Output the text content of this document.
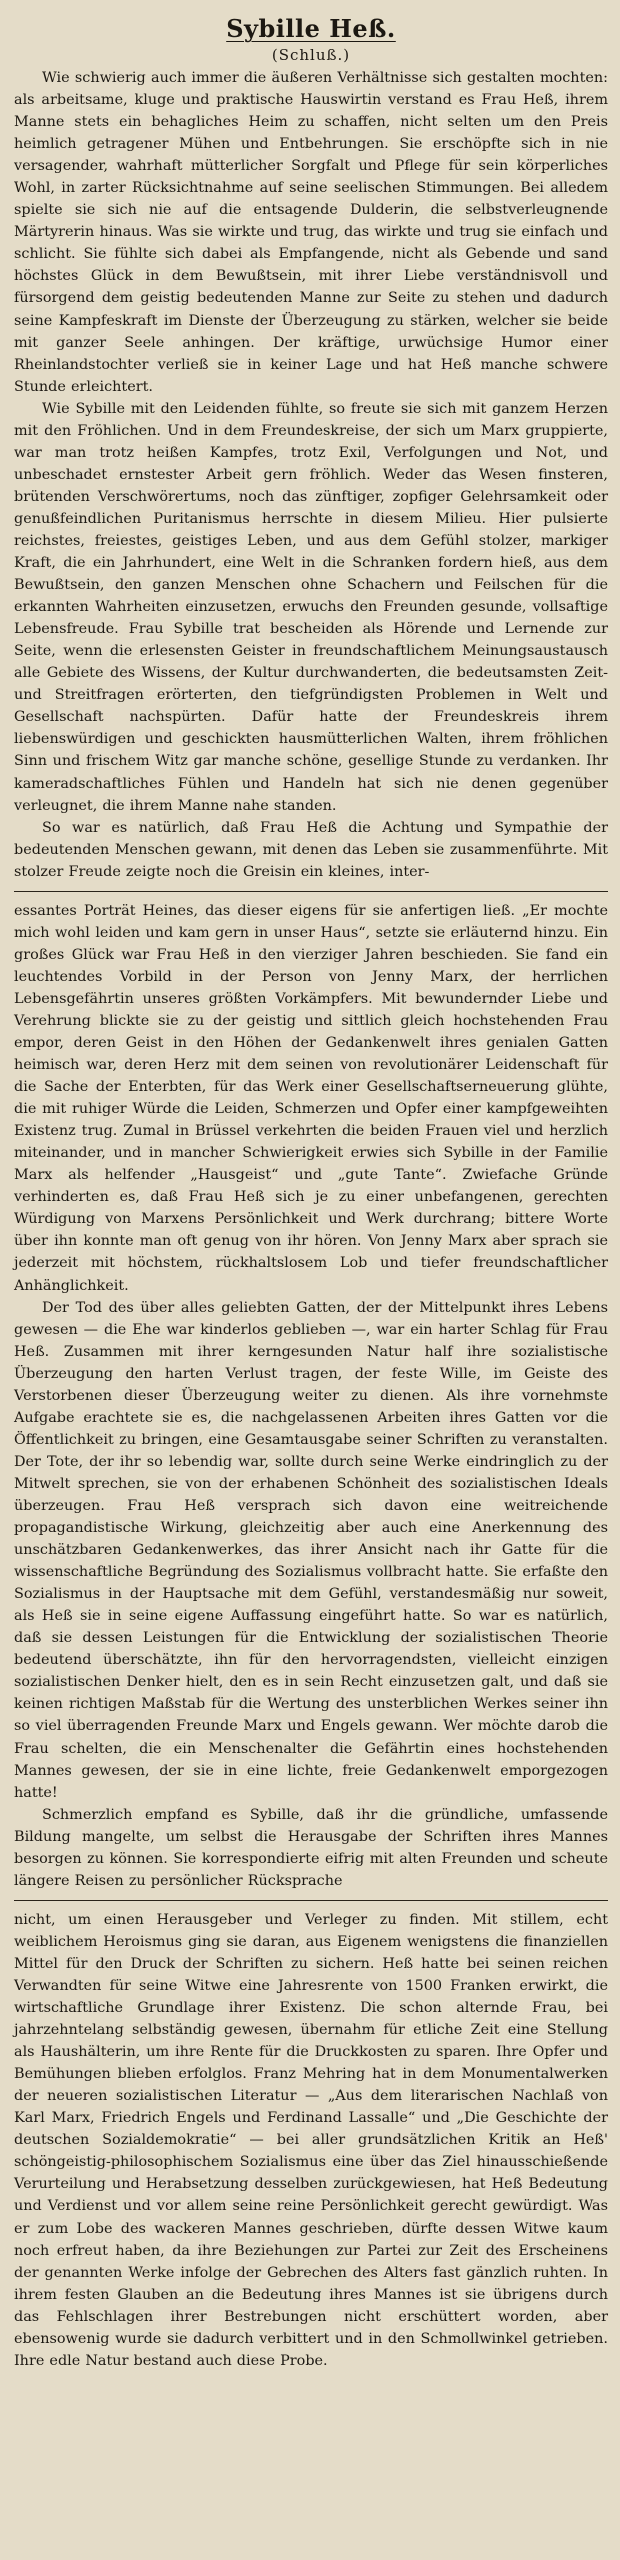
Sybille Heß.
(Schluß.)

Wie schwierig auch immer die äußeren Verhältnisse sich gestalten mochten: als arbeitsame, kluge und praktische Hauswirtin verstand es Frau Heß, ihrem Manne stets ein behagliches Heim zu schaffen, nicht selten um den Preis heimlich getragener Mühen und Entbehrungen. Sie erschöpfte sich in nie versagender, wahrhaft mütterlicher Sorgfalt und Pflege für sein körperliches Wohl, in zarter Rücksichtnahme auf seine seelischen Stimmungen. Bei alledem spielte sie sich nie auf die entsagende Dulderin, die selbstverleugnende Märtyrerin hinaus. Was sie wirkte und trug, das wirkte und trug sie einfach und schlicht. Sie fühlte sich dabei als Empfangende, nicht als Gebende und sand höchstes Glück in dem Bewußtsein, mit ihrer Liebe verständnisvoll und fürsorgend dem geistig bedeutenden Manne zur Seite zu stehen und dadurch seine Kampfeskraft im Dienste der Überzeugung zu stärken, welcher sie beide mit ganzer Seele anhingen. Der kräftige, urwüchsige Humor einer Rheinlandstochter verließ sie in keiner Lage und hat Heß manche schwere Stunde erleichtert.

Wie Sybille mit den Leidenden fühlte, so freute sie sich mit ganzem Herzen mit den Fröhlichen. Und in dem Freundeskreise, der sich um Marx gruppierte, war man trotz heißen Kampfes, trotz Exil, Verfolgungen und Not, und unbeschadet ernstester Arbeit gern fröhlich. Weder das Wesen finsteren, brütenden Verschwörertums, noch das zünftiger, zopfiger Gelehrsamkeit oder genußfeindlichen Puritanismus herrschte in diesem Milieu. Hier pulsierte reichstes, freiestes, geistiges Leben, und aus dem Gefühl stolzer, markiger Kraft, die ein Jahrhundert, eine Welt in die Schranken fordern hieß, aus dem Bewußtsein, den ganzen Menschen ohne Schachern und Feilschen für die erkannten Wahrheiten einzusetzen, erwuchs den Freunden gesunde, vollsaftige Lebensfreude. Frau Sybille trat bescheiden als Hörende und Lernende zur Seite, wenn die erlesensten Geister in freundschaftlichem Meinungsaustausch alle Gebiete des Wissens, der Kultur durchwanderten, die bedeutsamsten Zeit- und Streitfragen erörterten, den tiefgründigsten Problemen in Welt und Gesellschaft nachspürten. Dafür hatte der Freundeskreis ihrem liebenswürdigen und geschickten hausmütterlichen Walten, ihrem fröhlichen Sinn und frischem Witz gar manche schöne, gesellige Stunde zu verdanken. Ihr kameradschaftliches Fühlen und Handeln hat sich nie denen gegenüber verleugnet, die ihrem Manne nahe standen.

So war es natürlich, daß Frau Heß die Achtung und Sympathie der bedeutenden Menschen gewann, mit denen das Leben sie zusammenführte. Mit stolzer Freude zeigte noch die Greisin ein kleines, inter-

essantes Porträt Heines, das dieser eigens für sie anfertigen ließ. „Er mochte mich wohl leiden und kam gern in unser Haus“, setzte sie erläuternd hinzu. Ein großes Glück war Frau Heß in den vierziger Jahren beschieden. Sie fand ein leuchtendes Vorbild in der Person von Jenny Marx, der herrlichen Lebensgefährtin unseres größten Vorkämpfers. Mit bewundernder Liebe und Verehrung blickte sie zu der geistig und sittlich gleich hochstehenden Frau empor, deren Geist in den Höhen der Gedankenwelt ihres genialen Gatten heimisch war, deren Herz mit dem seinen von revolutionärer Leidenschaft für die Sache der Enterbten, für das Werk einer Gesellschaftserneuerung glühte, die mit ruhiger Würde die Leiden, Schmerzen und Opfer einer kampfgeweihten Existenz trug. Zumal in Brüssel verkehrten die beiden Frauen viel und herzlich miteinander, und in mancher Schwierigkeit erwies sich Sybille in der Familie Marx als helfender „Hausgeist“ und „gute Tante“. Zwiefache Gründe verhinderten es, daß Frau Heß sich je zu einer unbefangenen, gerechten Würdigung von Marxens Persönlichkeit und Werk durchrang; bittere Worte über ihn konnte man oft genug von ihr hören. Von Jenny Marx aber sprach sie jederzeit mit höchstem, rückhaltslosem Lob und tiefer freundschaftlicher Anhänglichkeit.

Der Tod des über alles geliebten Gatten, der der Mittelpunkt ihres Lebens gewesen — die Ehe war kinderlos geblieben —, war ein harter Schlag für Frau Heß. Zusammen mit ihrer kerngesunden Natur half ihre sozialistische Überzeugung den harten Verlust tragen, der feste Wille, im Geiste des Verstorbenen dieser Überzeugung weiter zu dienen. Als ihre vornehmste Aufgabe erachtete sie es, die nachgelassenen Arbeiten ihres Gatten vor die Öffentlichkeit zu bringen, eine Gesamtausgabe seiner Schriften zu veranstalten. Der Tote, der ihr so lebendig war, sollte durch seine Werke eindringlich zu der Mitwelt sprechen, sie von der erhabenen Schönheit des sozialistischen Ideals überzeugen. Frau Heß versprach sich davon eine weitreichende propagandistische Wirkung, gleichzeitig aber auch eine Anerkennung des unschätzbaren Gedankenwerkes, das ihrer Ansicht nach ihr Gatte für die wissenschaftliche Begründung des Sozialismus vollbracht hatte. Sie erfaßte den Sozialismus in der Hauptsache mit dem Gefühl, verstandesmäßig nur soweit, als Heß sie in seine eigene Auffassung eingeführt hatte. So war es natürlich, daß sie dessen Leistungen für die Entwicklung der sozialistischen Theorie bedeutend überschätzte, ihn für den hervorragendsten, vielleicht einzigen sozialistischen Denker hielt, den es in sein Recht einzusetzen galt, und daß sie keinen richtigen Maßstab für die Wertung des unsterblichen Werkes seiner ihn so viel überragenden Freunde Marx und Engels gewann. Wer möchte darob die Frau schelten, die ein Menschenalter die Gefährtin eines hochstehenden Mannes gewesen, der sie in eine lichte, freie Gedankenwelt emporgezogen hatte!

Schmerzlich empfand es Sybille, daß ihr die gründliche, umfassende Bildung mangelte, um selbst die Herausgabe der Schriften ihres Mannes besorgen zu können. Sie korrespondierte eifrig mit alten Freunden und scheute längere Reisen zu persönlicher Rücksprache

nicht, um einen Herausgeber und Verleger zu finden. Mit stillem, echt weiblichem Heroismus ging sie daran, aus Eigenem wenigstens die finanziellen Mittel für den Druck der Schriften zu sichern. Heß hatte bei seinen reichen Verwandten für seine Witwe eine Jahresrente von 1500 Franken erwirkt, die wirtschaftliche Grundlage ihrer Existenz. Die schon alternde Frau, bei jahrzehntelang selbständig gewesen, übernahm für etliche Zeit eine Stellung als Haushälterin, um ihre Rente für die Druckkosten zu sparen. Ihre Opfer und Bemühungen blieben erfolglos. Franz Mehring hat in dem Monumentalwerken der neueren sozialistischen Literatur — „Aus dem literarischen Nachlaß von Karl Marx, Friedrich Engels und Ferdinand Lassalle“ und „Die Geschichte der deutschen Sozialdemokratie“ — bei aller grundsätzlichen Kritik an Heß' schöngeistig-philosophischem Sozialismus eine über das Ziel hinausschießende Verurteilung und Herabsetzung desselben zurückgewiesen, hat Heß Bedeutung und Verdienst und vor allem seine reine Persönlichkeit gerecht gewürdigt. Was er zum Lobe des wackeren Mannes geschrieben, dürfte dessen Witwe kaum noch erfreut haben, da ihre Beziehungen zur Partei zur Zeit des Erscheinens der genannten Werke infolge der Gebrechen des Alters fast gänzlich ruhten. In ihrem festen Glauben an die Bedeutung ihres Mannes ist sie übrigens durch das Fehlschlagen ihrer Bestrebungen nicht erschüttert worden, aber ebensowenig wurde sie dadurch verbittert und in den Schmollwinkel getrieben. Ihre edle Natur bestand auch diese Probe.
